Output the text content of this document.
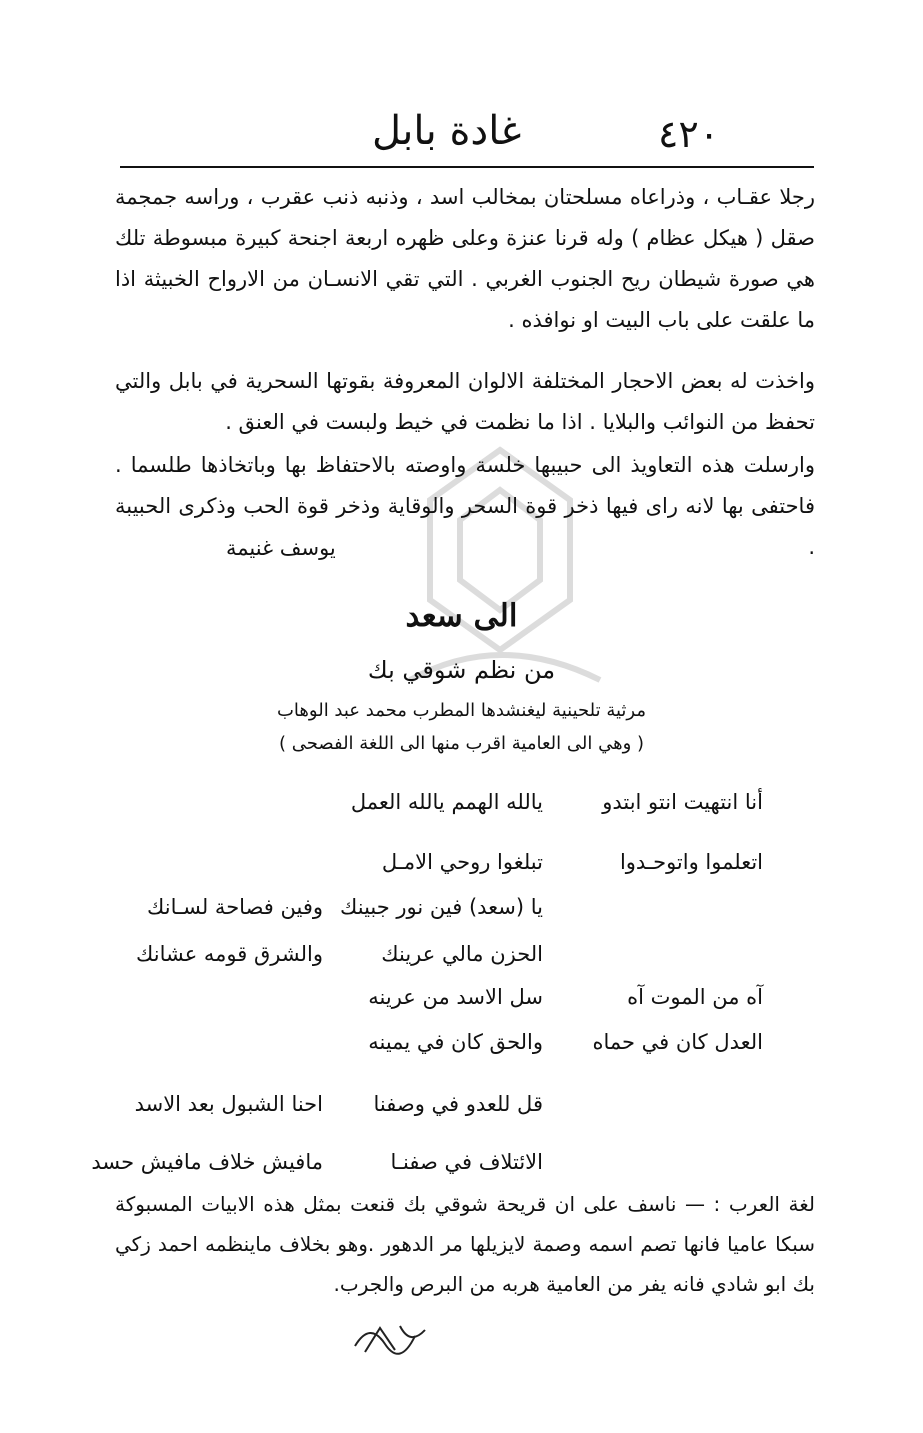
٤٢٠
غادة بابل
رجلا عقـاب ، وذراعاه مسلحتان بمخالب اسد ، وذنبه ذنب عقرب ، وراسه جمجمة صقل ( هيكل عظام ) وله قرنا عنزة وعلى ظهره اربعة اجنحة كبيرة مبسوطة تلك هي صورة شيطان ريح الجنوب الغربي . التي تقي الانسـان من الارواح الخبيثة اذا ما علقت على باب البيت او نوافذه .
واخذت له بعض الاحجار المختلفة الالوان المعروفة بقوتها السحرية في بابل والتي تحفظ من النوائب والبلايا . اذا ما نظمت في خيط ولبست في العنق .
وارسلت هذه التعاويذ الى حبيبها خلسة واوصته بالاحتفاظ بها وباتخاذها طلسما . فاحتفى بها لانه راى فيها ذخر قوة السحر والوقاية وذخر قوة الحب وذكرى الحبيبة .
يوسف غنيمة
الى سعد
من نظم شوقي بك
مرثية تلحينية ليغنشدها المطرب محمد عبد الوهاب
( وهي الى العامية اقرب منها الى اللغة الفصحى )
أنا انتهيت انتو ابتدو
يالله الهمم يالله العمل
اتعلموا واتوحـدوا
تبلغوا روحي الامـل
يا (سعد) فين نور جبينك
وفين فصاحة لسـانك
الحزن مالي عرينك
والشرق قومه عشانك
آه من الموت آه
سل الاسد من عرينه
العدل كان في حماه
والحق كان في يمينه
قل للعدو في وصفنا
احنا الشبول بعد الاسد
الائتلاف في صفنـا
مافيش خلاف مافيش حسد
لغة العرب : — ناسف على ان قريحة شوقي بك قنعت بمثل هذه الابيات المسبوكة سبكا عاميا فانها تصم اسمه وصمة لايزيلها مر الدهور .وهو بخلاف ماينظمه احمد زكي بك ابو شادي فانه يفر من العامية هربه من البرص والجرب.
